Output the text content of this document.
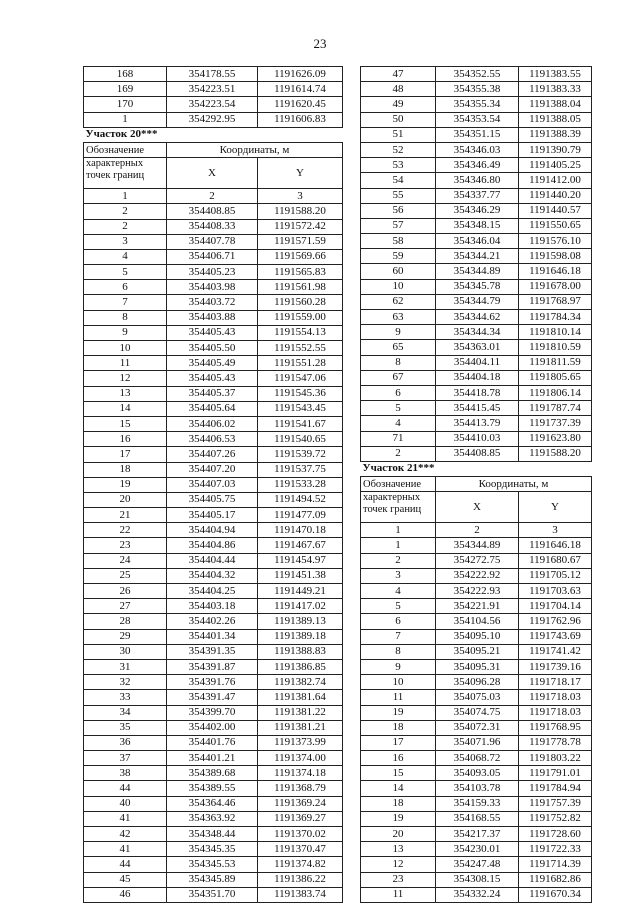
23
168	354178.55	1191626.09
169	354223.51	1191614.74
170	354223.54	1191620.45
1	354292.95	1191606.83
Участок 20***		
Обозначение	Координаты, м	
характерных точек границ	X	Y
1	2	3
2	354408.85	1191588.20
2	354408.33	1191572.42
3	354407.78	1191571.59
4	354406.71	1191569.66
5	354405.23	1191565.83
6	354403.98	1191561.98
7	354403.72	1191560.28
8	354403.88	1191559.00
9	354405.43	1191554.13
10	354405.50	1191552.55
11	354405.49	1191551.28
12	354405.43	1191547.06
13	354405.37	1191545.36
14	354405.64	1191543.45
15	354406.02	1191541.67
16	354406.53	1191540.65
17	354407.26	1191539.72
18	354407.20	1191537.75
19	354407.03	1191533.28
20	354405.75	1191494.52
21	354405.17	1191477.09
22	354404.94	1191470.18
23	354404.86	1191467.67
24	354404.44	1191454.97
25	354404.32	1191451.38
26	354404.25	1191449.21
27	354403.18	1191417.02
28	354402.26	1191389.13
29	354401.34	1191389.18
30	354391.35	1191388.83
31	354391.87	1191386.85
32	354391.76	1191382.74
33	354391.47	1191381.64
34	354399.70	1191381.22
35	354402.00	1191381.21
36	354401.76	1191373.99
37	354401.21	1191374.00
38	354389.68	1191374.18
44	354389.55	1191368.79
40	354364.46	1191369.24
41	354363.92	1191369.27
42	354348.44	1191370.02
41	354345.35	1191370.47
44	354345.53	1191374.82
45	354345.89	1191386.22
46	354351.70	1191383.74
47	354352.55	1191383.55
48	354355.38	1191383.33
49	354355.34	1191388.04
50	354353.54	1191388.05
51	354351.15	1191388.39
52	354346.03	1191390.79
53	354346.49	1191405.25
54	354346.80	1191412.00
55	354337.77	1191440.20
56	354346.29	1191440.57
57	354348.15	1191550.65
58	354346.04	1191576.10
59	354344.21	1191598.08
60	354344.89	1191646.18
10	354345.78	1191678.00
62	354344.79	1191768.97
63	354344.62	1191784.34
9	354344.34	1191810.14
65	354363.01	1191810.59
8	354404.11	1191811.59
67	354404.18	1191805.65
6	354418.78	1191806.14
5	354415.45	1191787.74
4	354413.79	1191737.39
71	354410.03	1191623.80
2	354408.85	1191588.20
Участок 21***		
Обозначение	Координаты, м	
характерных точек границ	X	Y
1	2	3
1	354344.89	1191646.18
2	354272.75	1191680.67
3	354222.92	1191705.12
4	354222.93	1191703.63
5	354221.91	1191704.14
6	354104.56	1191762.96
7	354095.10	1191743.69
8	354095.21	1191741.42
9	354095.31	1191739.16
10	354096.28	1191718.17
11	354075.03	1191718.03
19	354074.75	1191718.03
18	354072.31	1191768.95
17	354071.96	1191778.78
16	354068.72	1191803.22
15	354093.05	1191791.01
14	354103.78	1191784.94
18	354159.33	1191757.39
19	354168.55	1191752.82
20	354217.37	1191728.60
13	354230.01	1191722.33
12	354247.48	1191714.39
23	354308.15	1191682.86
11	354332.24	1191670.34
